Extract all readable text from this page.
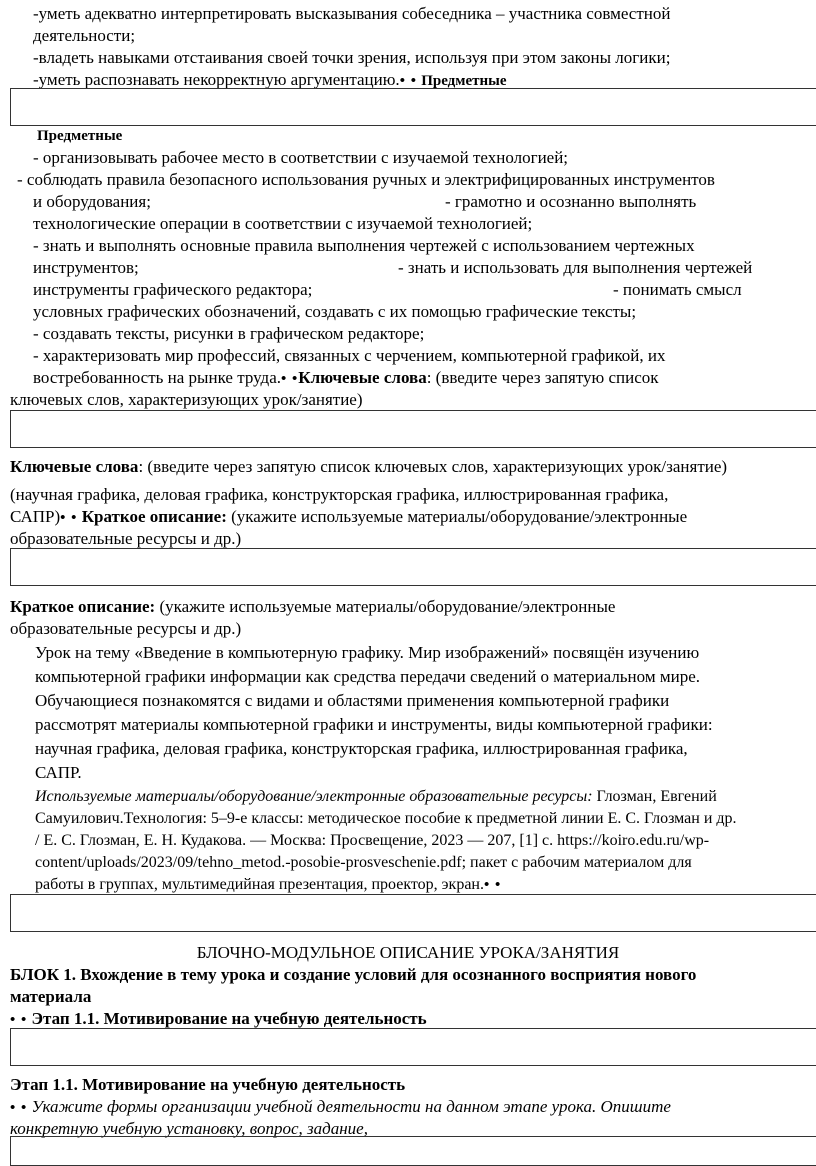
-уметь адекватно интерпретировать высказывания собеседника – участника совместной
деятельности;
-владеть навыками отстаивания своей точки зрения, используя при этом законы логики;
-уметь распознавать некорректную аргументацию.• • Предметные
Предметные
- организовывать рабочее место в соответствии с изучаемой технологией;
- соблюдать правила безопасного использования ручных и электрифицированных инструментов
и оборудования;	- грамотно и осознанно выполнять
технологические операции в соответствии с изучаемой технологией;
- знать и выполнять основные правила выполнения чертежей с использованием чертежных
инструментов;	- знать и использовать для выполнения чертежей
инструменты графического редактора;	- понимать смысл
условных графических обозначений, создавать с их помощью графические тексты;
- создавать тексты, рисунки в графическом редакторе;
- характеризовать мир профессий, связанных с черчением, компьютерной графикой, их
востребованность на рынке труда.• •Ключевые слова: (введите через запятую список
ключевых слов, характеризующих урок/занятие)
Ключевые слова: (введите через запятую список ключевых слов, характеризующих урок/занятие)
(научная графика, деловая графика, конструкторская графика, иллюстрированная графика,
САПР)• • Краткое описание: (укажите используемые материалы/оборудование/электронные
образовательные ресурсы и др.)
Краткое описание: (укажите используемые материалы/оборудование/электронные
образовательные ресурсы и др.)
Урок на тему «Введение в компьютерную графику. Мир изображений» посвящён изучению
компьютерной графики информации как средства передачи сведений о материальном мире.
Обучающиеся познакомятся с видами и областями применения компьютерной графики
рассмотрят материалы компьютерной графики и инструменты, виды компьютерной графики:
научная графика, деловая графика, конструкторская графика, иллюстрированная графика,
САПР.
Используемые материалы/оборудование/электронные образовательные ресурсы: Глозман, Евгений
Самуилович.Технология: 5–9-е классы: методическое пособие к предметной линии Е. С. Глозман и др.
/ Е. С. Глозман, Е. Н. Кудакова. — Москва: Просвещение, 2023 — 207, [1] с. https://koiro.edu.ru/wp-
content/uploads/2023/09/tehno_metod.-posobie-prosveschenie.pdf; пакет с рабочим материалом для
работы в группах, мультимедийная презентация, проектор, экран.• •
БЛОЧНО-МОДУЛЬНОЕ ОПИСАНИЕ УРОКА/ЗАНЯТИЯ
БЛОК 1. Вхождение в тему урока и создание условий для осознанного восприятия нового
материала
• • Этап 1.1. Мотивирование на учебную деятельность
Этап 1.1. Мотивирование на учебную деятельность
• • Укажите формы организации учебной деятельности на данном этапе урока. Опишите
конкретную учебную установку, вопрос, задание,
